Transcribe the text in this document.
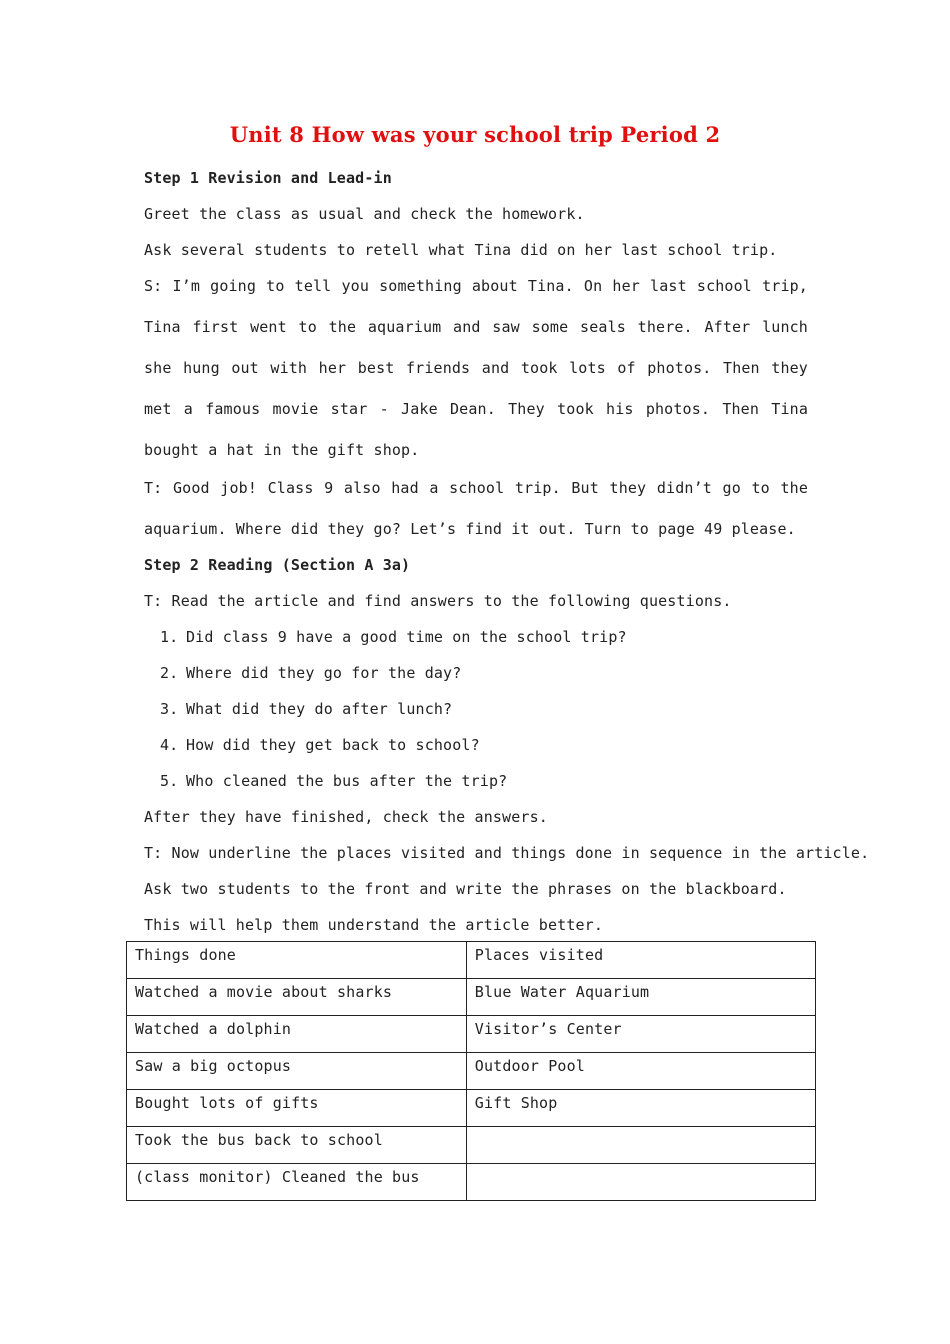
Unit 8 How was your school trip Period 2

Step 1 Revision and Lead-in

Greet the class as usual and check the homework.

Ask several students to retell what Tina did on her last school trip.

S: I’m going to tell you something about Tina. On her last school trip, Tina first went to the aquarium and saw some seals there. After lunch she hung out with her best friends and took lots of photos. Then they met a famous movie star - Jake Dean. They took his photos. Then Tina bought a hat in the gift shop.

T: Good job! Class 9 also had a school trip. But they didn’t go to the aquarium. Where did they go? Let’s find it out. Turn to page 49 please.

Step 2 Reading (Section A 3a)

T: Read the article and find answers to the following questions.

1. Did class 9 have a good time on the school trip?
2. Where did they go for the day?
3. What did they do after lunch?
4. How did they get back to school?
5. Who cleaned the bus after the trip?

After they have finished, check the answers.

T: Now underline the places visited and things done in sequence in the article.

Ask two students to the front and write the phrases on the blackboard.

This will help them understand the article better.

Things done	Places visited
Watched a movie about sharks	Blue Water Aquarium
Watched a dolphin	Visitor’s Center
Saw a big octopus	Outdoor Pool
Bought lots of gifts	Gift Shop
Took the bus back to school	
(class monitor) Cleaned the bus	
